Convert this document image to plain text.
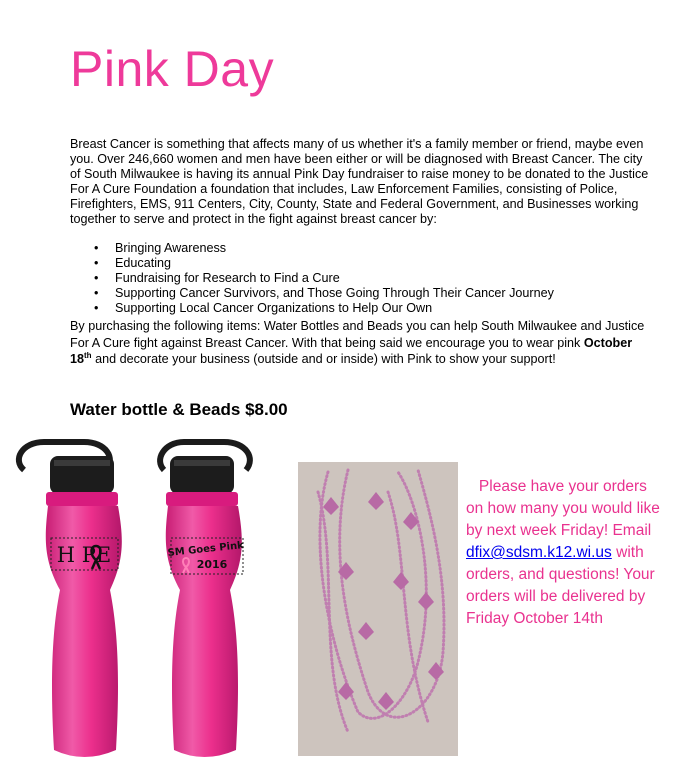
Pink Day
Breast Cancer is something that affects many of us whether it's a family member or friend, maybe even you. Over 246,660 women and men have been either or will be diagnosed with Breast Cancer. The city of South Milwaukee is having its annual Pink Day fundraiser to raise money to be donated to the Justice For A Cure Foundation a foundation that includes, Law Enforcement Families, consisting of Police, Firefighters, EMS, 911 Centers, City, County, State and Federal Government, and Businesses working together to serve and protect in the fight against breast cancer by:
• Bringing Awareness
• Educating
• Fundraising for Research to Find a Cure
• Supporting Cancer Survivors, and Those Going Through Their Cancer Journey
• Supporting Local Cancer Organizations to Help Our Own
By purchasing the following items: Water Bottles and Beads you can help South Milwaukee and Justice For A Cure fight against Breast Cancer. With that being said we encourage you to wear pink October 18th and decorate your business (outside and or inside) with Pink to show your support!
Water bottle & Beads $8.00
H PE	SM Goes Pink
2016
Please have your orders on how many you would like by next week Friday! Email dfix@sdsm.k12.wi.us with orders, and questions! Your orders will be delivered by Friday October 14th
